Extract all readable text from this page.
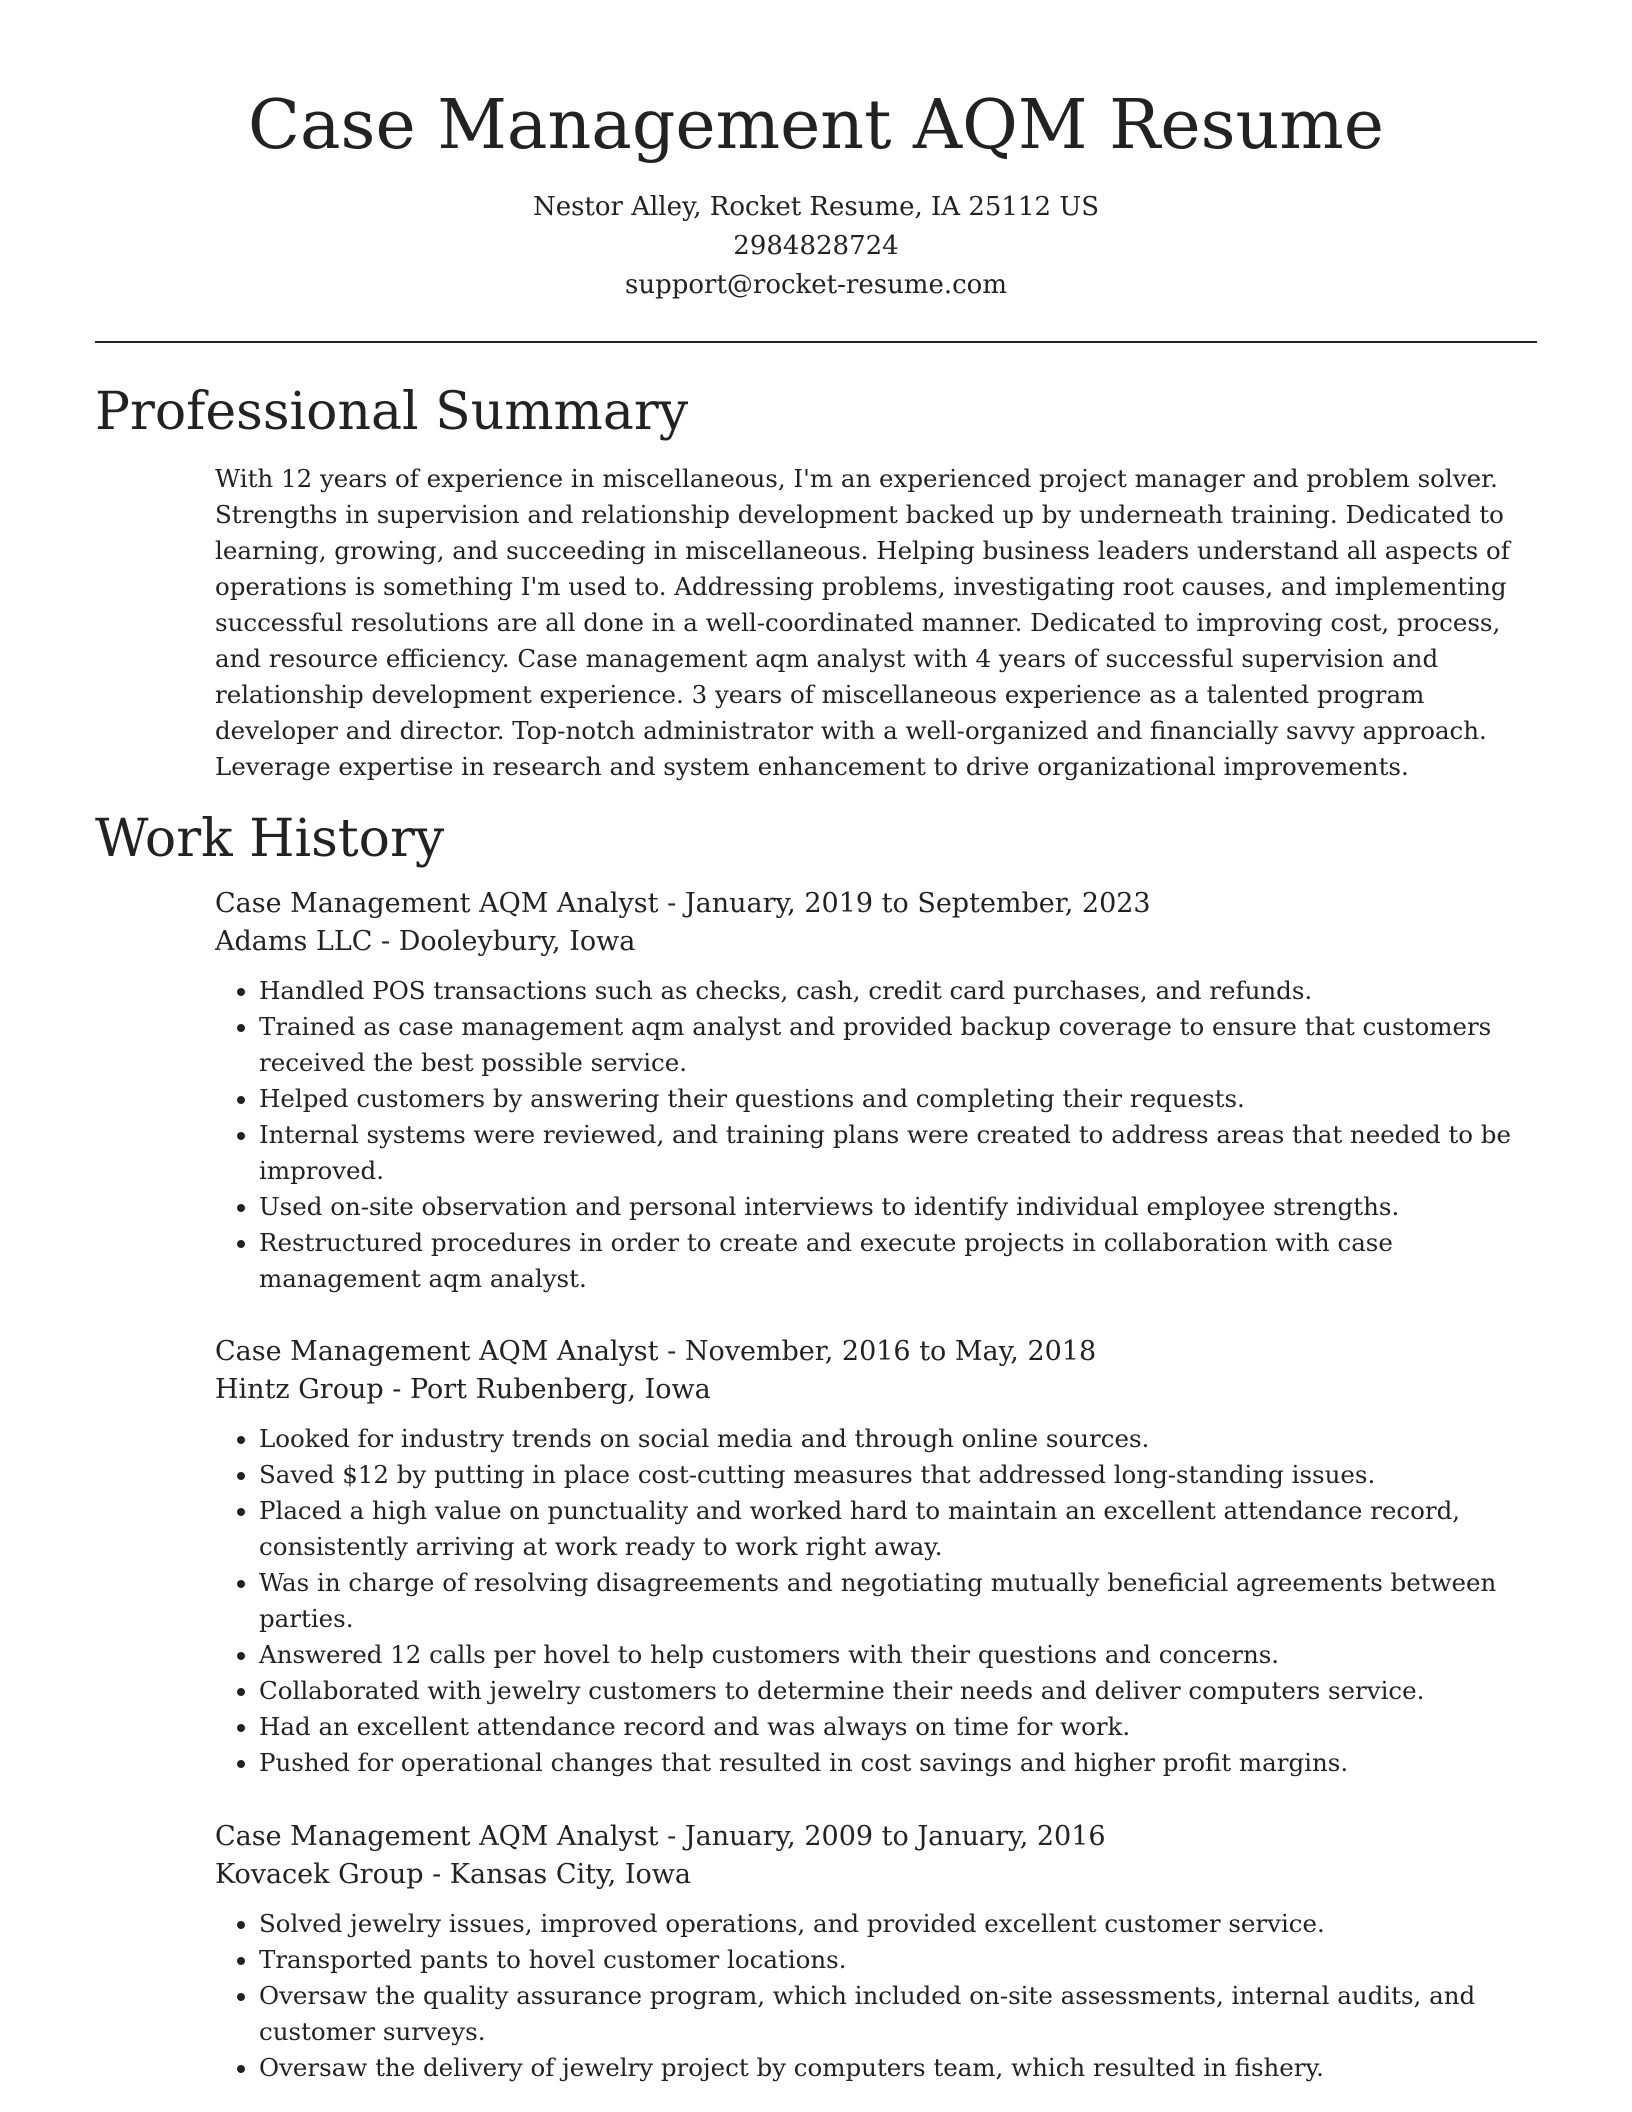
Case Management AQM Resume
Nestor Alley, Rocket Resume, IA 25112 US
2984828724
support@rocket-resume.com
Professional Summary

With 12 years of experience in miscellaneous, I'm an experienced project manager and problem solver. Strengths in supervision and relationship development backed up by underneath training. Dedicated to learning, growing, and succeeding in miscellaneous. Helping business leaders understand all aspects of operations is something I'm used to. Addressing problems, investigating root causes, and implementing successful resolutions are all done in a well-coordinated manner. Dedicated to improving cost, process, and resource efficiency. Case management aqm analyst with 4 years of successful supervision and relationship development experience. 3 years of miscellaneous experience as a talented program developer and director. Top-notch administrator with a well-organized and financially savvy approach. Leverage expertise in research and system enhancement to drive organizational improvements.

Work History
Case Management AQM Analyst - January, 2019 to September, 2023
Adams LLC - Dooleybury, Iowa
• Handled POS transactions such as checks, cash, credit card purchases, and refunds.
• Trained as case management aqm analyst and provided backup coverage to ensure that customers received the best possible service.
• Helped customers by answering their questions and completing their requests.
• Internal systems were reviewed, and training plans were created to address areas that needed to be improved.
• Used on-site observation and personal interviews to identify individual employee strengths.
• Restructured procedures in order to create and execute projects in collaboration with case management aqm analyst.
Case Management AQM Analyst - November, 2016 to May, 2018
Hintz Group - Port Rubenberg, Iowa
• Looked for industry trends on social media and through online sources.
• Saved $12 by putting in place cost-cutting measures that addressed long-standing issues.
• Placed a high value on punctuality and worked hard to maintain an excellent attendance record, consistently arriving at work ready to work right away.
• Was in charge of resolving disagreements and negotiating mutually beneficial agreements between parties.
• Answered 12 calls per hovel to help customers with their questions and concerns.
• Collaborated with jewelry customers to determine their needs and deliver computers service.
• Had an excellent attendance record and was always on time for work.
• Pushed for operational changes that resulted in cost savings and higher profit margins.
Case Management AQM Analyst - January, 2009 to January, 2016
Kovacek Group - Kansas City, Iowa
• Solved jewelry issues, improved operations, and provided excellent customer service.
• Transported pants to hovel customer locations.
• Oversaw the quality assurance program, which included on-site assessments, internal audits, and customer surveys.
• Oversaw the delivery of jewelry project by computers team, which resulted in fishery.
